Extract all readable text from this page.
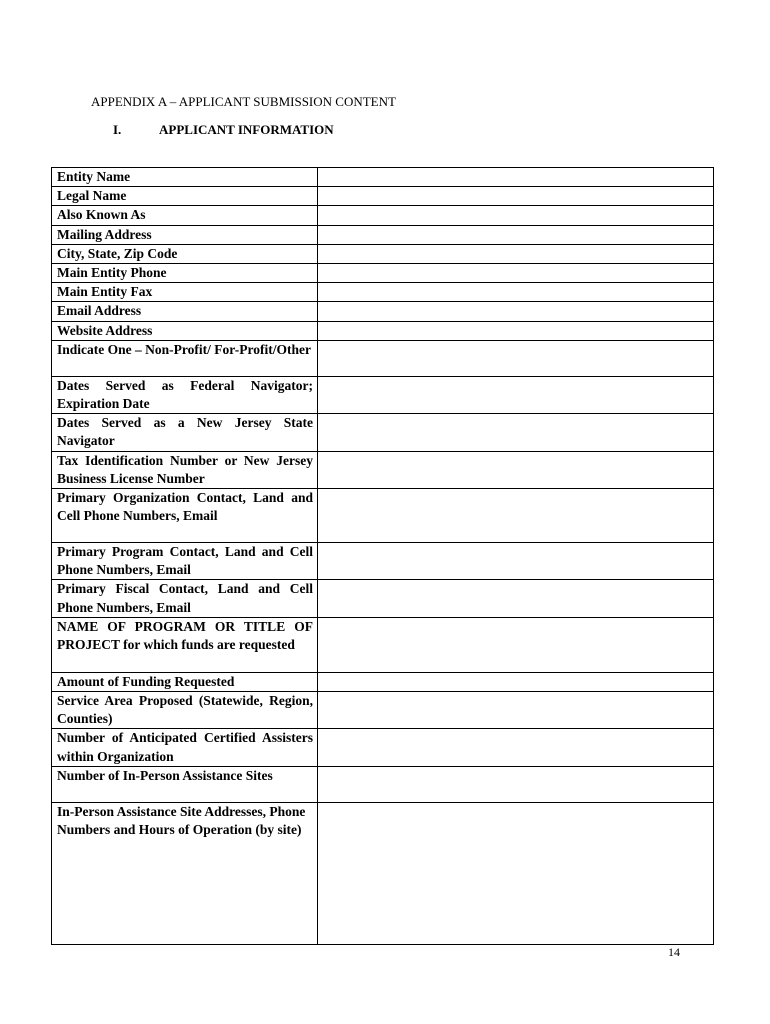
APPENDIX A – APPLICANT SUBMISSION CONTENT
I.	APPLICANT INFORMATION
Entity Name	
Legal Name	
Also Known As	
Mailing Address	
City, State, Zip Code	
Main Entity Phone	
Main Entity Fax	
Email Address	
Website Address	
Indicate One – Non-Profit/ For-Profit/Other	
Dates Served as Federal Navigator; Expiration Date	
Dates Served as a New Jersey State Navigator	
Tax Identification Number or New Jersey Business License Number	
Primary Organization Contact, Land and Cell Phone Numbers, Email	
Primary Program Contact, Land and Cell Phone Numbers, Email	
Primary Fiscal Contact, Land and Cell Phone Numbers, Email	
NAME OF PROGRAM OR TITLE OF PROJECT for which funds are requested	
Amount of Funding Requested	
Service Area Proposed (Statewide, Region, Counties)	
Number of Anticipated Certified Assisters within Organization	
Number of In-Person Assistance Sites	
In-Person Assistance Site Addresses, Phone Numbers and Hours of Operation (by site)	
14
